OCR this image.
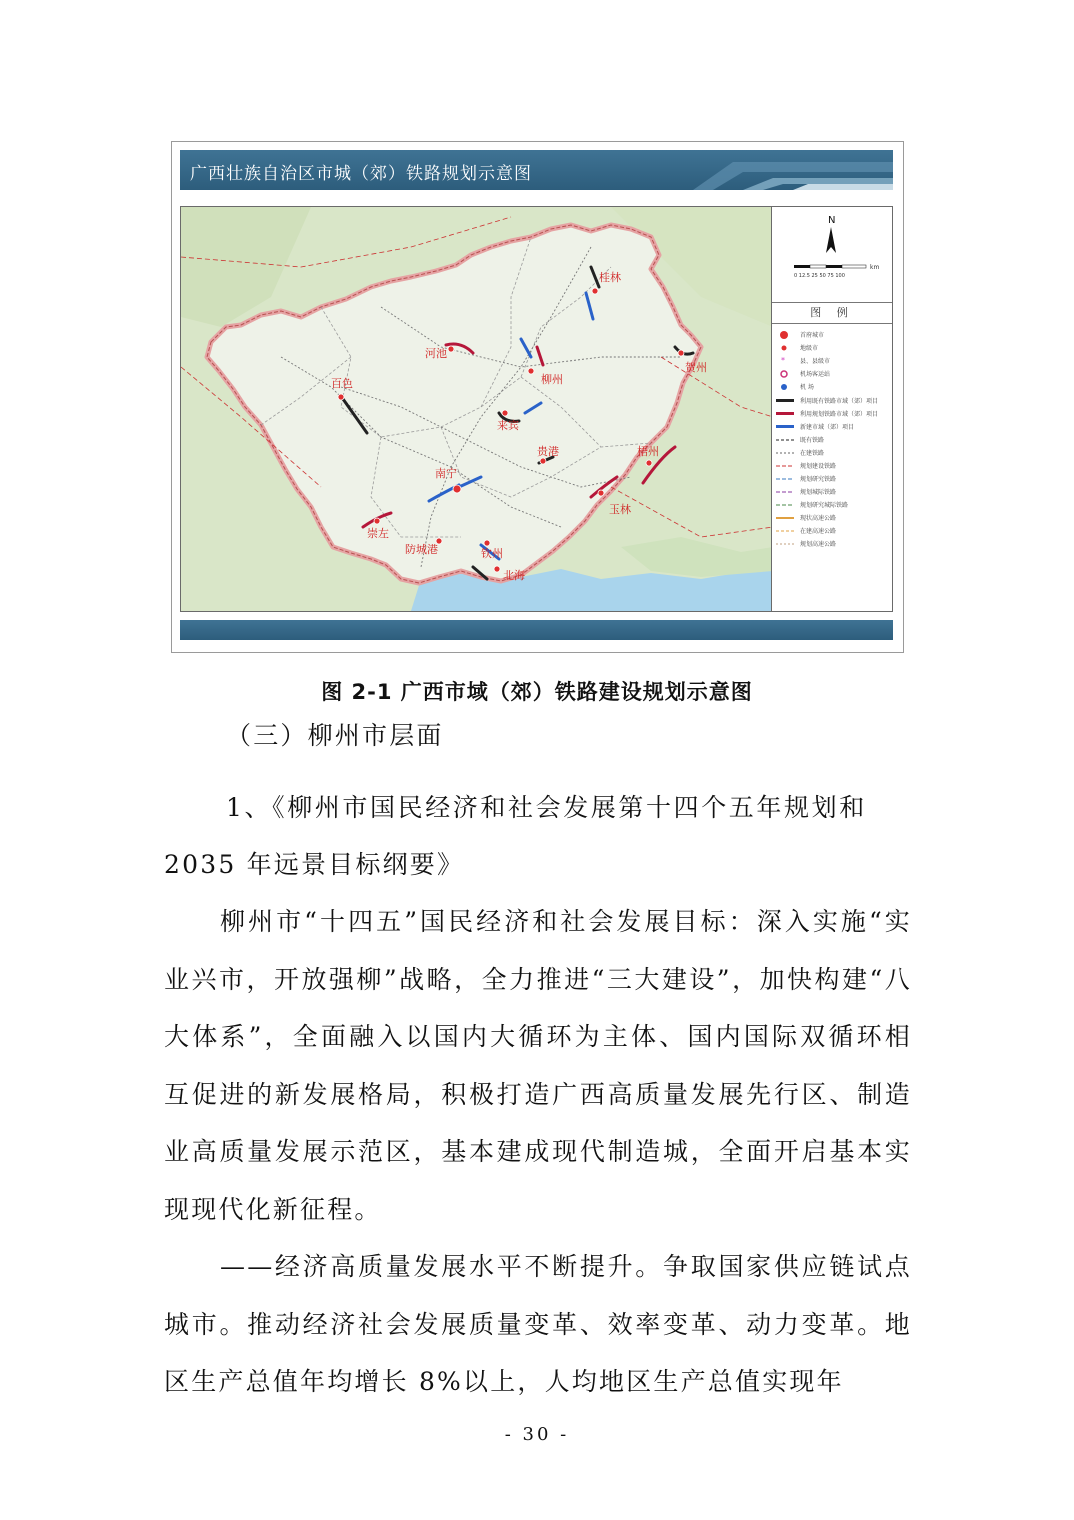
广西壮族自治区市城（郊）铁路规划示意图
桂林
河池
柳州
来宾
贺州
梧州
百色
贵港
南宁
玉林
崇左
防城港	钦州
北海
N
km
0 12.5 25 50 75 100
图 例
首府城市
地级市
*	县、县级市
机场客运站
机 场
利用既有铁路市域（郊）项目
利用规划铁路市域（郊）项目
新建市域（郊）项目
既有铁路
在建铁路
规划建设铁路
规划研究铁路
规划城际铁路
规划研究城际铁路
现状高速公路
在建高速公路
规划高速公路
图 2-1 广西市域（郊）铁路建设规划示意图
（三）柳州市层面
1、《柳州市国民经济和社会发展第十四个五年规划和
2035 年远景目标纲要》
柳州市“十四五”国民经济和社会发展目标：深入实施“实业兴市，开放强柳”战略，全力推进“三大建设”，加快构建“八大体系”，全面融入以国内大循环为主体、国内国际双循环相互促进的新发展格局，积极打造广西高质量发展先行区、制造业高质量发展示范区，基本建成现代制造城，全面开启基本实现现代化新征程。
——经济高质量发展水平不断提升。争取国家供应链试点城市。推动经济社会发展质量变革、效率变革、动力变革。地区生产总值年均增长 8%以上，人均地区生产总值实现年
- 30 -
